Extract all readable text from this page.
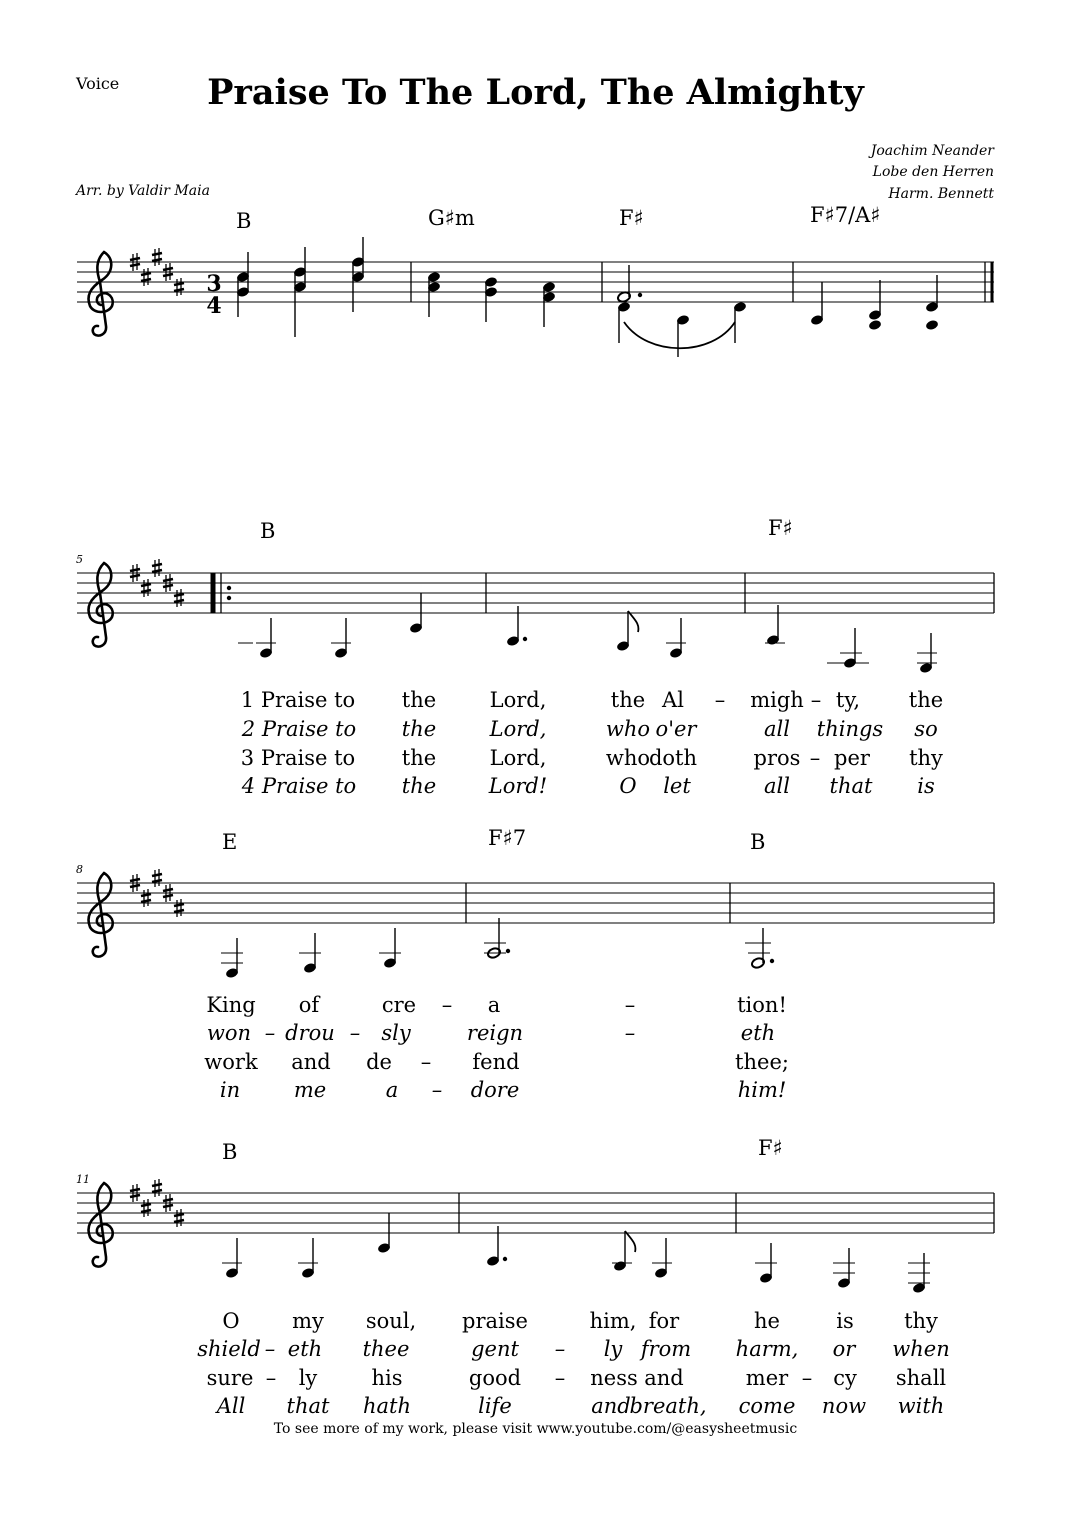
Voice	Praise To The Lord, The Almighty
Joachim Neander
Lobe den Herren
Harm. Bennett
Arr. by Valdir Maia
B	G♯m	F♯	F♯7/A♯
5
B	F♯
1 Praise to the	Lord,	the Al – migh – ty, the
2 Praise to the	Lord,	who o'er	all things so
3 Praise to the	Lord,	who
doth	pros – per thy
4 Praise to the	Lord!	O let	all that is
8
E	F♯7	B
King of	cre – a	–	tion!
won – drou – sly	reign	–	eth
work and de – fend	thee;
in	me	a – dore	him!
11
B	F♯
O	my soul, praise	him, for	he	is thy
shield – eth thee	gent – ly from harm, or when
sure – ly	his	good – ness and	mer – cy shall
All that hath	life	and
breath, come now with
To see more of my work, please visit www.youtube.com/@easysheetmusic
3
4
